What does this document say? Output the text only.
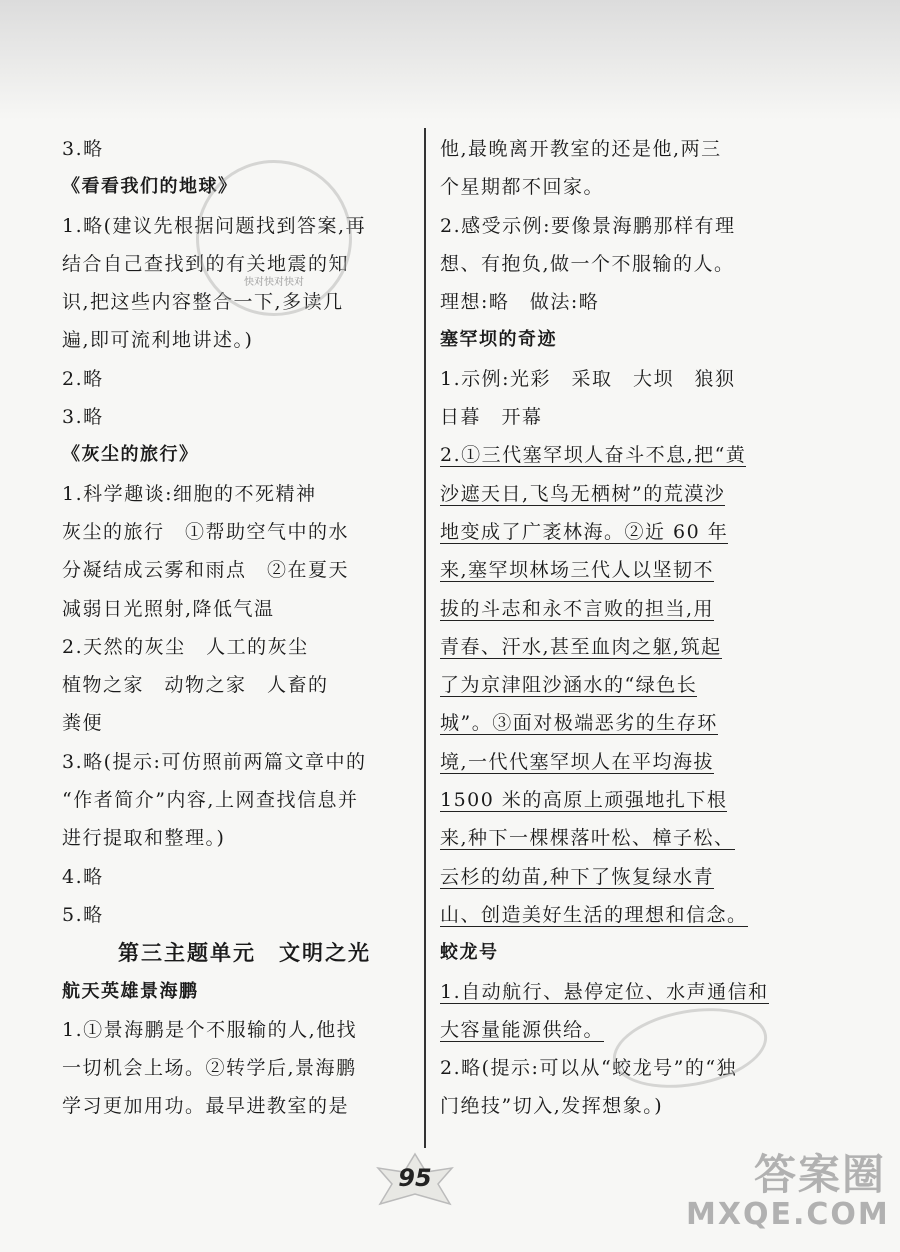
3.略
《看看我们的地球》
1.略(建议先根据问题找到答案,再
结合自己查找到的有关地震的知
识,把这些内容整合一下,多读几
遍,即可流利地讲述。)
2.略
3.略
《灰尘的旅行》
1.科学趣谈:细胞的不死精神
灰尘的旅行　①帮助空气中的水
分凝结成云雾和雨点　②在夏天
减弱日光照射,降低气温
2.天然的灰尘　人工的灰尘
植物之家　动物之家　人畜的
粪便
3.略(提示:可仿照前两篇文章中的
“作者简介”内容,上网查找信息并
进行提取和整理。)
4.略
5.略
第三主题单元　文明之光
航天英雄景海鹏
1.①景海鹏是个不服输的人,他找
一切机会上场。②转学后,景海鹏
学习更加用功。最早进教室的是
他,最晚离开教室的还是他,两三
个星期都不回家。
2.感受示例:要像景海鹏那样有理
想、有抱负,做一个不服输的人。
理想:略　做法:略
塞罕坝的奇迹
1.示例:光彩　采取　大坝　狼狈
日暮　开幕
2.①三代塞罕坝人奋斗不息,把“黄
沙遮天日,飞鸟无栖树”的荒漠沙
地变成了广袤林海。②近 60 年
来,塞罕坝林场三代人以坚韧不
拔的斗志和永不言败的担当,用
青春、汗水,甚至血肉之躯,筑起
了为京津阻沙涵水的“绿色长
城”。③面对极端恶劣的生存环
境,一代代塞罕坝人在平均海拔
1500 米的高原上顽强地扎下根
来,种下一棵棵落叶松、樟子松、
云杉的幼苗,种下了恢复绿水青
山、创造美好生活的理想和信念。
蛟龙号
1.自动航行、悬停定位、水声通信和
大容量能源供给。
2.略(提示:可以从“蛟龙号”的“独
门绝技”切入,发挥想象。)
快对快对快对
95	答案圈
MXQE.COM
